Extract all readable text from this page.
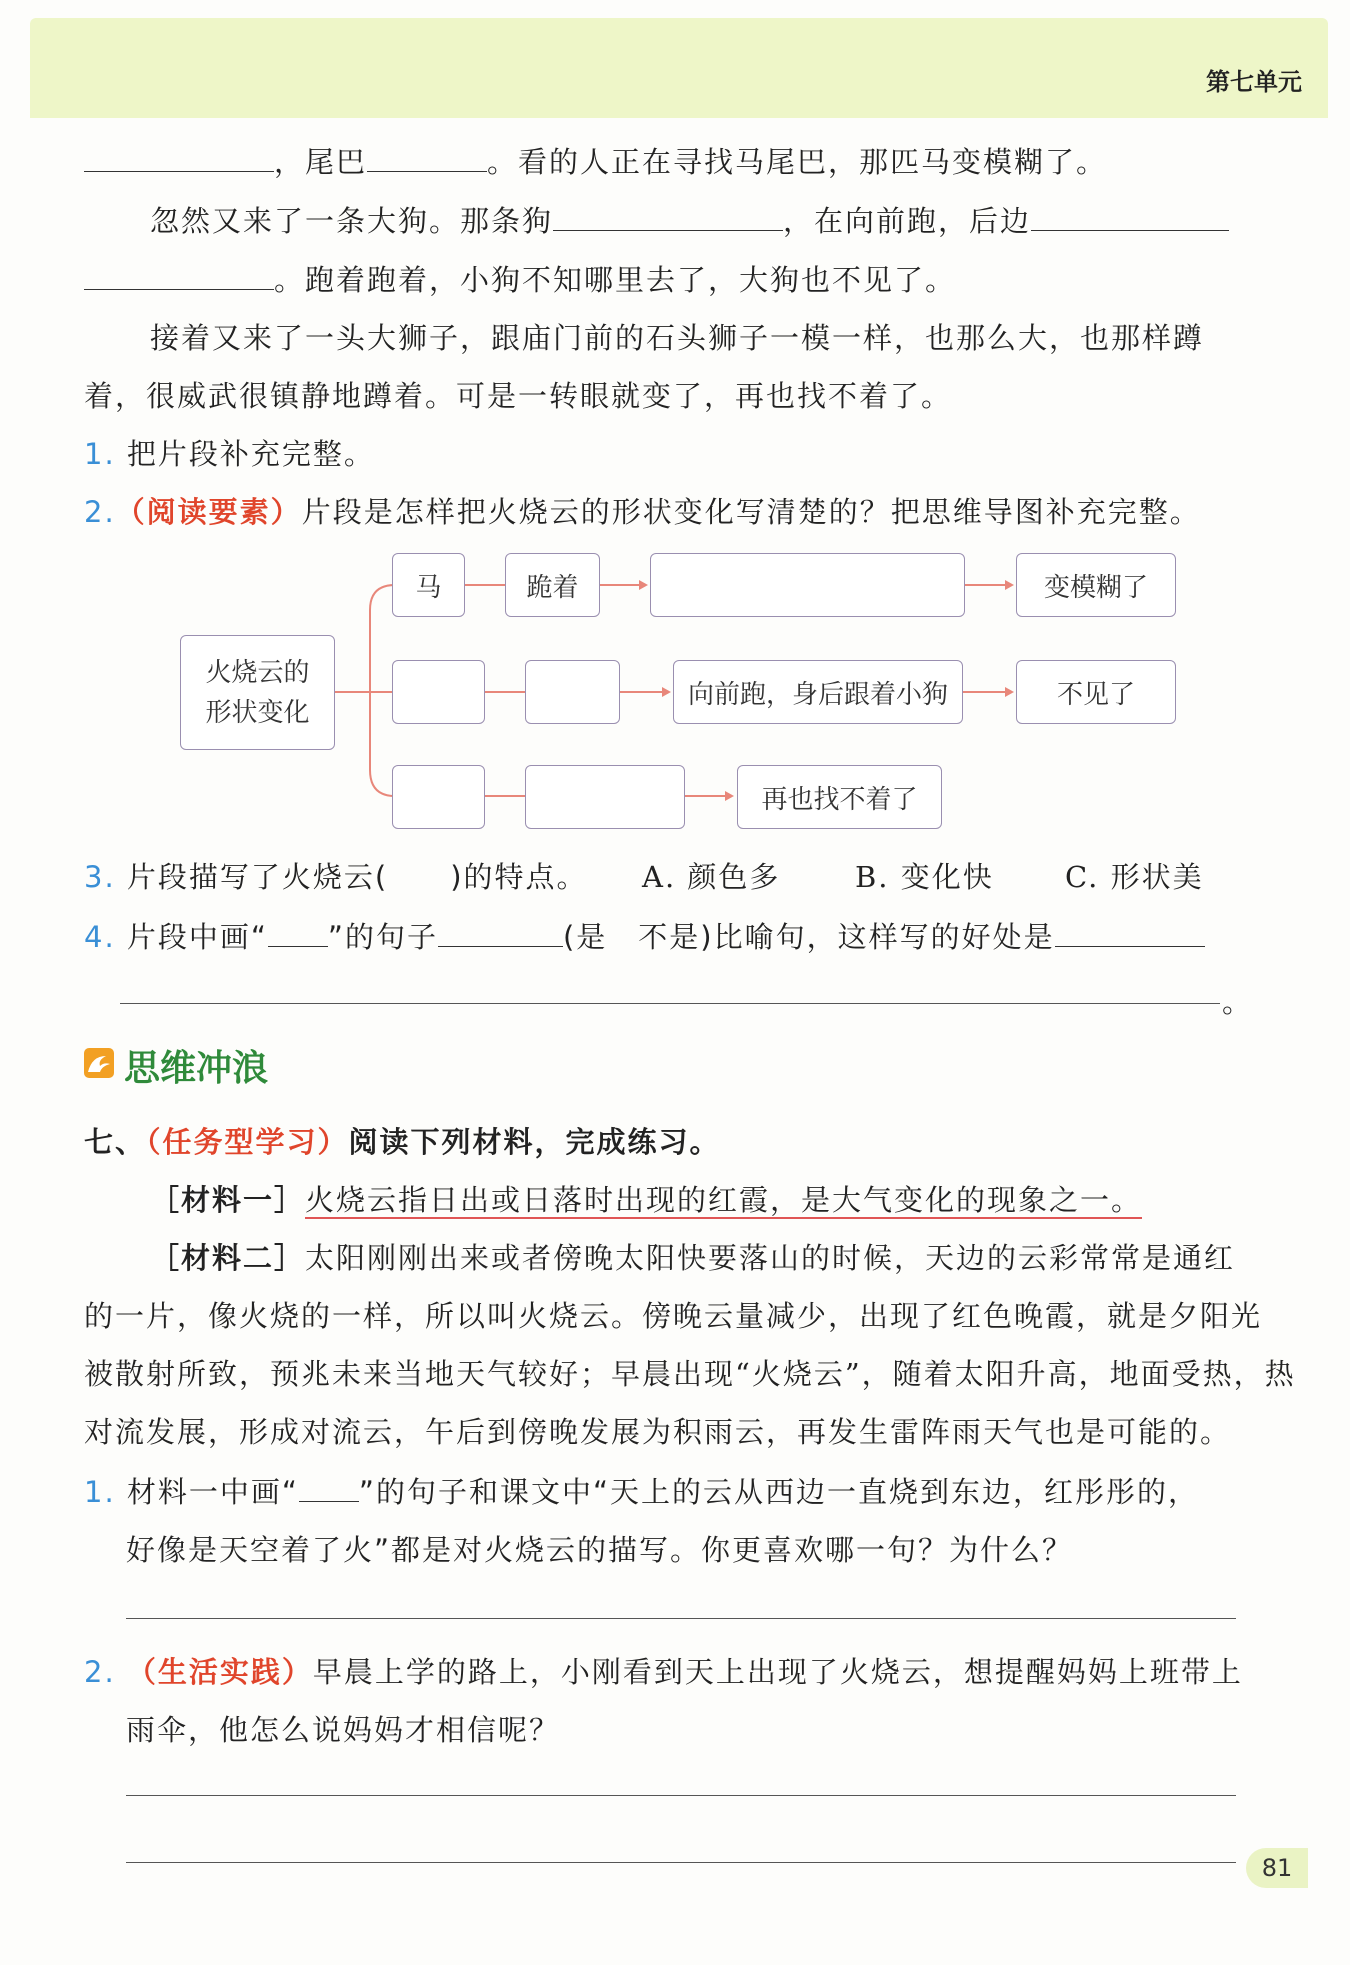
第七单元
，尾巴	。看的人正在寻找马尾巴，那匹马变模糊了。
忽然又来了一条大狗。那条狗	，在向前跑，后边
。跑着跑着，小狗不知哪里去了，大狗也不见了。
接着又来了一头大狮子，跟庙门前的石头狮子一模一样，也那么大，也那样蹲
着，很威武很镇静地蹲着。可是一转眼就变了，再也找不着了。
1. 把片段补充完整。
2.（阅读要素）片段是怎样把火烧云的形状变化写清楚的？把思维导图补充完整。
火烧云的
形状变化
马	跪着	变模糊了
向前跑，身后跟着小狗	不见了
再也找不着了
3. 片段描写了火烧云(　　)的特点。 A. 颜色多	B. 变化快 C. 形状美
4. 片段中画“ ”的句子	(是　不是)比喻句，这样写的好处是
。
思维冲浪
七、（任务型学习）阅读下列材料，完成练习。
［材料一］火烧云指日出或日落时出现的红霞，是大气变化的现象之一。
［材料二］太阳刚刚出来或者傍晚太阳快要落山的时候，天边的云彩常常是通红
的一片，像火烧的一样，所以叫火烧云。傍晚云量减少，出现了红色晚霞，就是夕阳光
被散射所致，预兆未来当地天气较好；早晨出现“火烧云”，随着太阳升高，地面受热，热
对流发展，形成对流云，午后到傍晚发展为积雨云，再发生雷阵雨天气也是可能的。
1. 材料一中画“ ”的句子和课文中“天上的云从西边一直烧到东边，红彤彤的，
好像是天空着了火”都是对火烧云的描写。你更喜欢哪一句？为什么？
2. （生活实践）早晨上学的路上，小刚看到天上出现了火烧云，想提醒妈妈上班带上
雨伞，他怎么说妈妈才相信呢？
81
